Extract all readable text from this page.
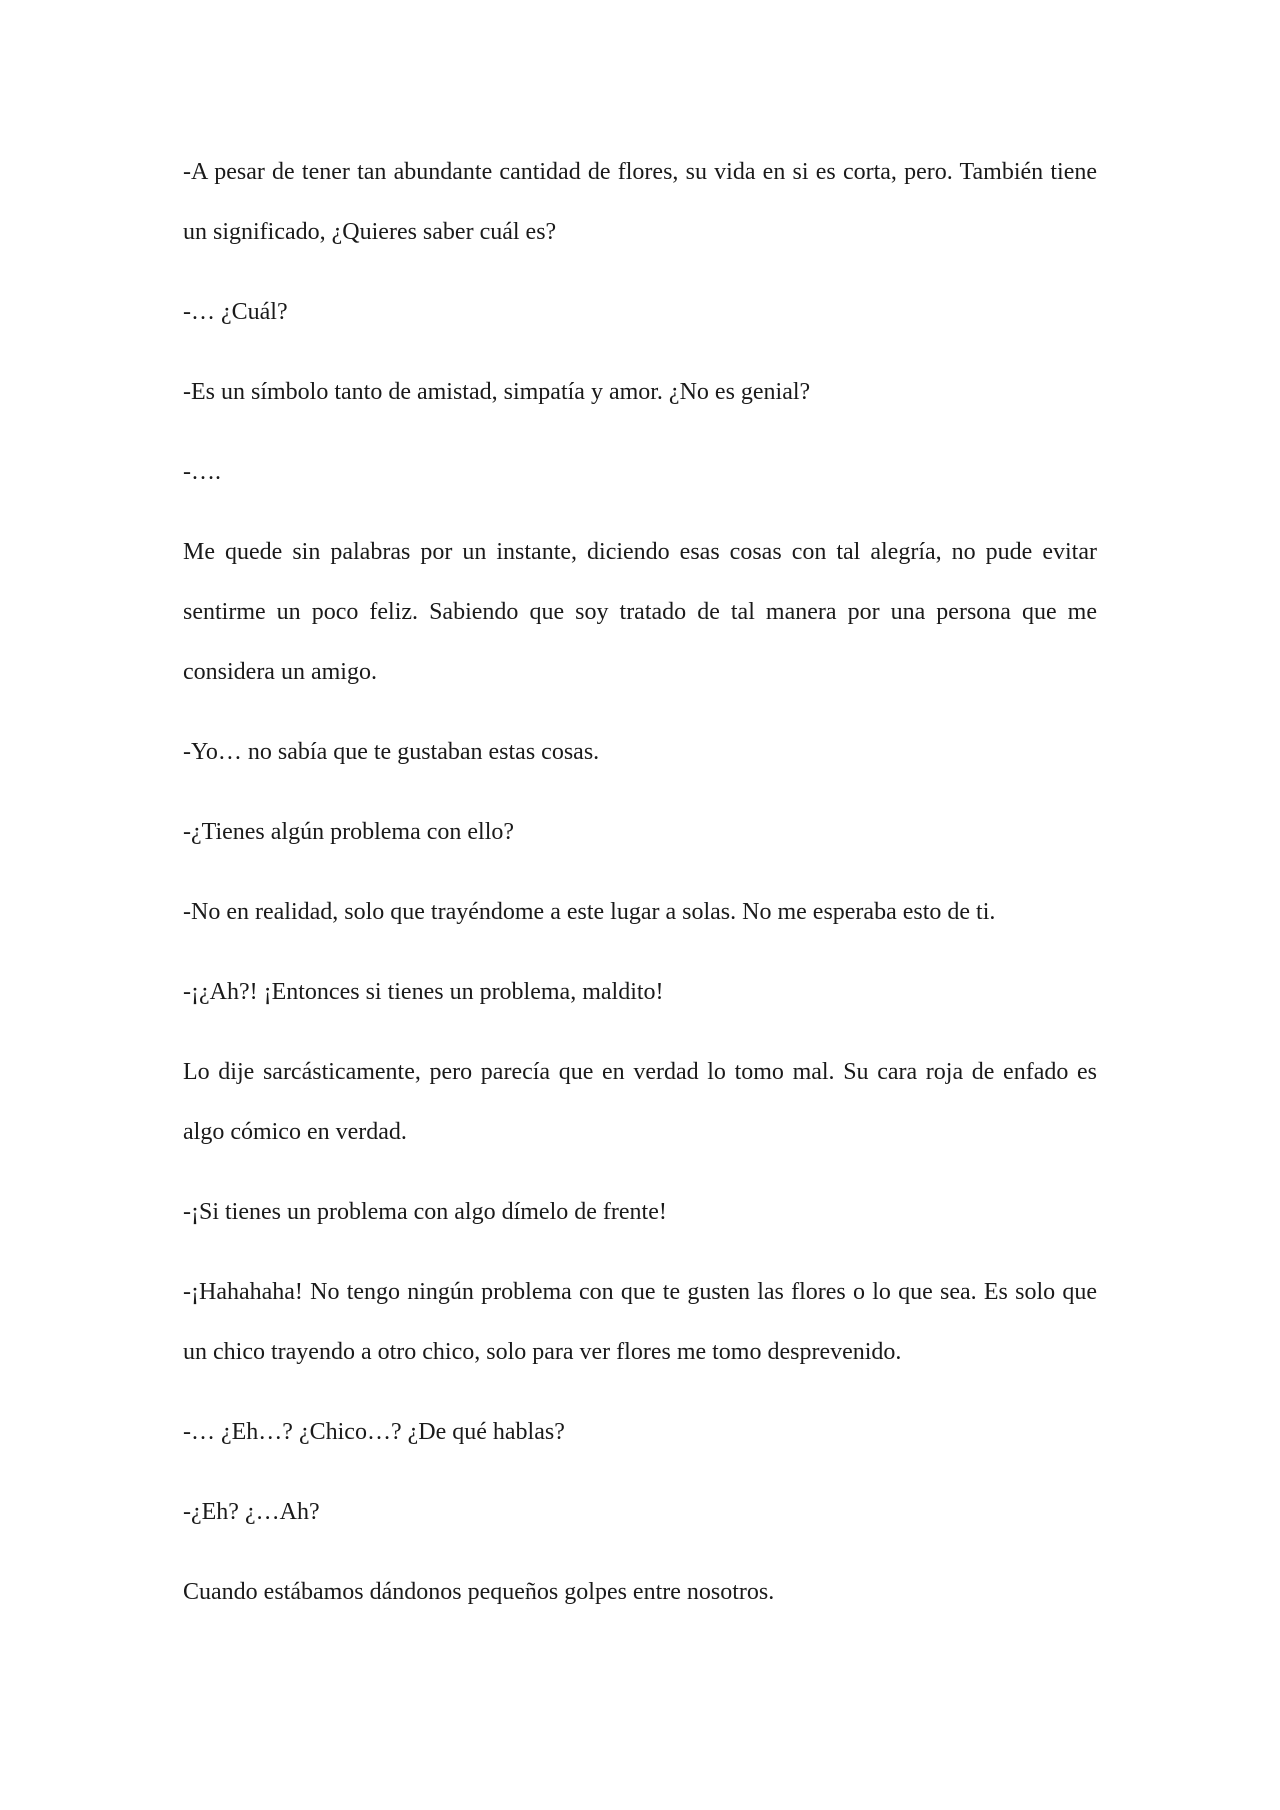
-A pesar de tener tan abundante cantidad de flores, su vida en si es corta, pero. También tiene un significado, ¿Quieres saber cuál es?

-… ¿Cuál?

-Es un símbolo tanto de amistad, simpatía y amor. ¿No es genial?

-….

Me quede sin palabras por un instante, diciendo esas cosas con tal alegría, no pude evitar sentirme un poco feliz. Sabiendo que soy tratado de tal manera por una persona que me considera un amigo.

-Yo… no sabía que te gustaban estas cosas.

-¿Tienes algún problema con ello?

-No en realidad, solo que trayéndome a este lugar a solas. No me esperaba esto de ti.

-¡¿Ah?! ¡Entonces si tienes un problema, maldito!

Lo dije sarcásticamente, pero parecía que en verdad lo tomo mal. Su cara roja de enfado es algo cómico en verdad.

-¡Si tienes un problema con algo dímelo de frente!

-¡Hahahaha! No tengo ningún problema con que te gusten las flores o lo que sea. Es solo que un chico trayendo a otro chico, solo para ver flores me tomo desprevenido.

-… ¿Eh…? ¿Chico…? ¿De qué hablas?

-¿Eh? ¿…Ah?

Cuando estábamos dándonos pequeños golpes entre nosotros.
